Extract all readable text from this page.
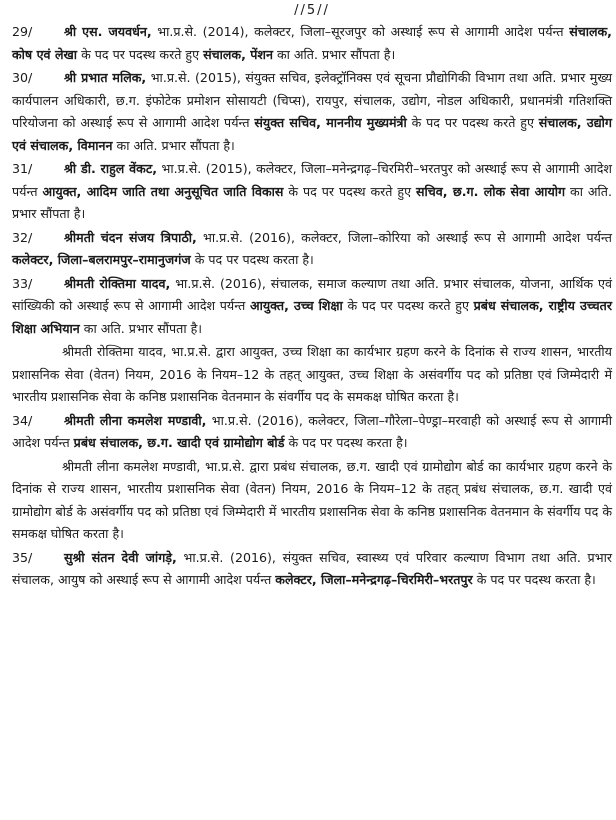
//5//

29/	श्री एस. जयवर्धन, भा.प्र.से. (2014), कलेक्टर, जिला–सूरजपुर को अस्थाई रूप से आगामी आदेश पर्यन्त संचालक, कोष एवं लेखा के पद पर पदस्थ करते हुए संचालक, पेंशन का अति. प्रभार सौंपता है।

30/	श्री प्रभात मलिक, भा.प्र.से. (2015), संयुक्त सचिव, इलेक्ट्रॉनिक्स एवं सूचना प्रौद्योगिकी विभाग तथा अति. प्रभार मुख्य कार्यपालन अधिकारी, छ.ग. इंफोटेक प्रमोशन सोसायटी (चिप्स), रायपुर, संचालक, उद्योग, नोडल अधिकारी, प्रधानमंत्री गतिशक्ति परियोजना को अस्थाई रूप से आगामी आदेश पर्यन्त संयुक्त सचिव, माननीय मुख्यमंत्री के पद पर पदस्थ करते हुए संचालक, उद्योग एवं संचालक, विमानन का अति. प्रभार सौंपता है।

31/	श्री डी. राहुल वेंकट, भा.प्र.से. (2015), कलेक्टर, जिला–मनेन्द्रगढ़–चिरमिरी–भरतपुर को अस्थाई रूप से आगामी आदेश पर्यन्त आयुक्त, आदिम जाति तथा अनुसूचित जाति विकास के पद पर पदस्थ करते हुए सचिव, छ.ग. लोक सेवा आयोग का अति. प्रभार सौंपता है।

32/	श्रीमती चंदन संजय त्रिपाठी, भा.प्र.से. (2016), कलेक्टर, जिला–कोरिया को अस्थाई रूप से आगामी आदेश पर्यन्त कलेक्टर, जिला–बलरामपुर–रामानुजगंज के पद पर पदस्थ करता है।

33/	श्रीमती रोक्तिमा यादव, भा.प्र.से. (2016), संचालक, समाज कल्याण तथा अति. प्रभार संचालक, योजना, आर्थिक एवं सांख्यिकी को अस्थाई रूप से आगामी आदेश पर्यन्त आयुक्त, उच्च शिक्षा के पद पर पदस्थ करते हुए प्रबंध संचालक, राष्ट्रीय उच्चतर शिक्षा अभियान का अति. प्रभार सौंपता है।

श्रीमती रोक्तिमा यादव, भा.प्र.से. द्वारा आयुक्त, उच्च शिक्षा का कार्यभार ग्रहण करने के दिनांक से राज्य शासन, भारतीय प्रशासनिक सेवा (वेतन) नियम, 2016 के नियम–12 के तहत् आयुक्त, उच्च शिक्षा के असंवर्गीय पद को प्रतिष्ठा एवं जिम्मेदारी में भारतीय प्रशासनिक सेवा के कनिष्ठ प्रशासनिक वेतनमान के संवर्गीय पद के समकक्ष घोषित करता है।

34/	श्रीमती लीना कमलेश मण्डावी, भा.प्र.से. (2016), कलेक्टर, जिला–गौरेला–पेण्ड्रा–मरवाही को अस्थाई रूप से आगामी आदेश पर्यन्त प्रबंध संचालक, छ.ग. खादी एवं ग्रामोद्योग बोर्ड के पद पर पदस्थ करता है।

श्रीमती लीना कमलेश मण्डावी, भा.प्र.से. द्वारा प्रबंध संचालक, छ.ग. खादी एवं ग्रामोद्योग बोर्ड का कार्यभार ग्रहण करने के दिनांक से राज्य शासन, भारतीय प्रशासनिक सेवा (वेतन) नियम, 2016 के नियम–12 के तहत् प्रबंध संचालक, छ.ग. खादी एवं ग्रामोद्योग बोर्ड के असंवर्गीय पद को प्रतिष्ठा एवं जिम्मेदारी में भारतीय प्रशासनिक सेवा के कनिष्ठ प्रशासनिक वेतनमान के संवर्गीय पद के समकक्ष घोषित करता है।

35/	सुश्री संतन देवी जांगड़े, भा.प्र.से. (2016), संयुक्त सचिव, स्वास्थ्य एवं परिवार कल्याण विभाग तथा अति. प्रभार संचालक, आयुष को अस्थाई रूप से आगामी आदेश पर्यन्त कलेक्टर, जिला–मनेन्द्रगढ़–चिरमिरी–भरतपुर के पद पर पदस्थ करता है।
